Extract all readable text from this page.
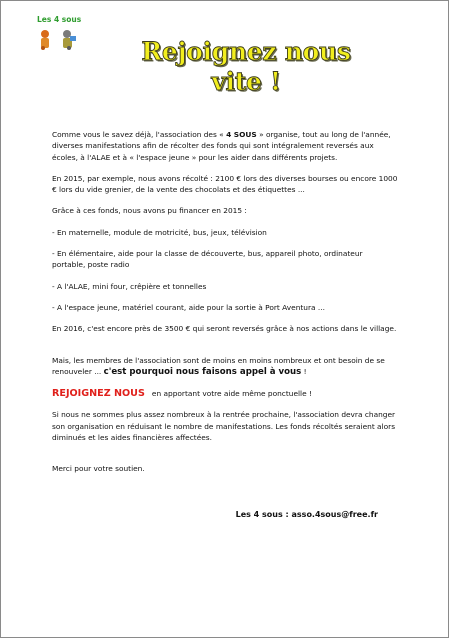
Les 4 sous
Rejoignez nous
vite !

Comme vous le savez déjà, l'association des « 4 SOUS » organise, tout au long de l'année, diverses manifestations afin de récolter des fonds qui sont intégralement reversés aux écoles, à l'ALAE et à « l'espace jeune » pour les aider dans différents projets.

En 2015, par exemple, nous avons récolté : 2100 € lors des diverses bourses ou encore 1000 € lors du vide grenier, de la vente des chocolats et des étiquettes ...

Grâce à ces fonds, nous avons pu financer en 2015 :

- En maternelle, module de motricité, bus, jeux, télévision

- En élémentaire, aide pour la classe de découverte, bus, appareil photo, ordinateur portable, poste radio

- A l'ALAE, mini four, crêpière et tonnelles

- A l'espace jeune, matériel courant, aide pour la sortie à Port Aventura ...

En 2016, c'est encore près de 3500 € qui seront reversés grâce à nos actions dans le village.

Mais, les membres de l'association sont de moins en moins nombreux et ont besoin de se renouveler ... c'est pourquoi nous faisons appel à vous !

REJOIGNEZ NOUS   en apportant votre aide même ponctuelle !

Si nous ne sommes plus assez nombreux à la rentrée prochaine, l'association devra changer son organisation en réduisant le nombre de manifestations. Les fonds récoltés seraient alors diminués et les aides financières affectées.

Merci pour votre soutien.

Les 4 sous : asso.4sous@free.fr
